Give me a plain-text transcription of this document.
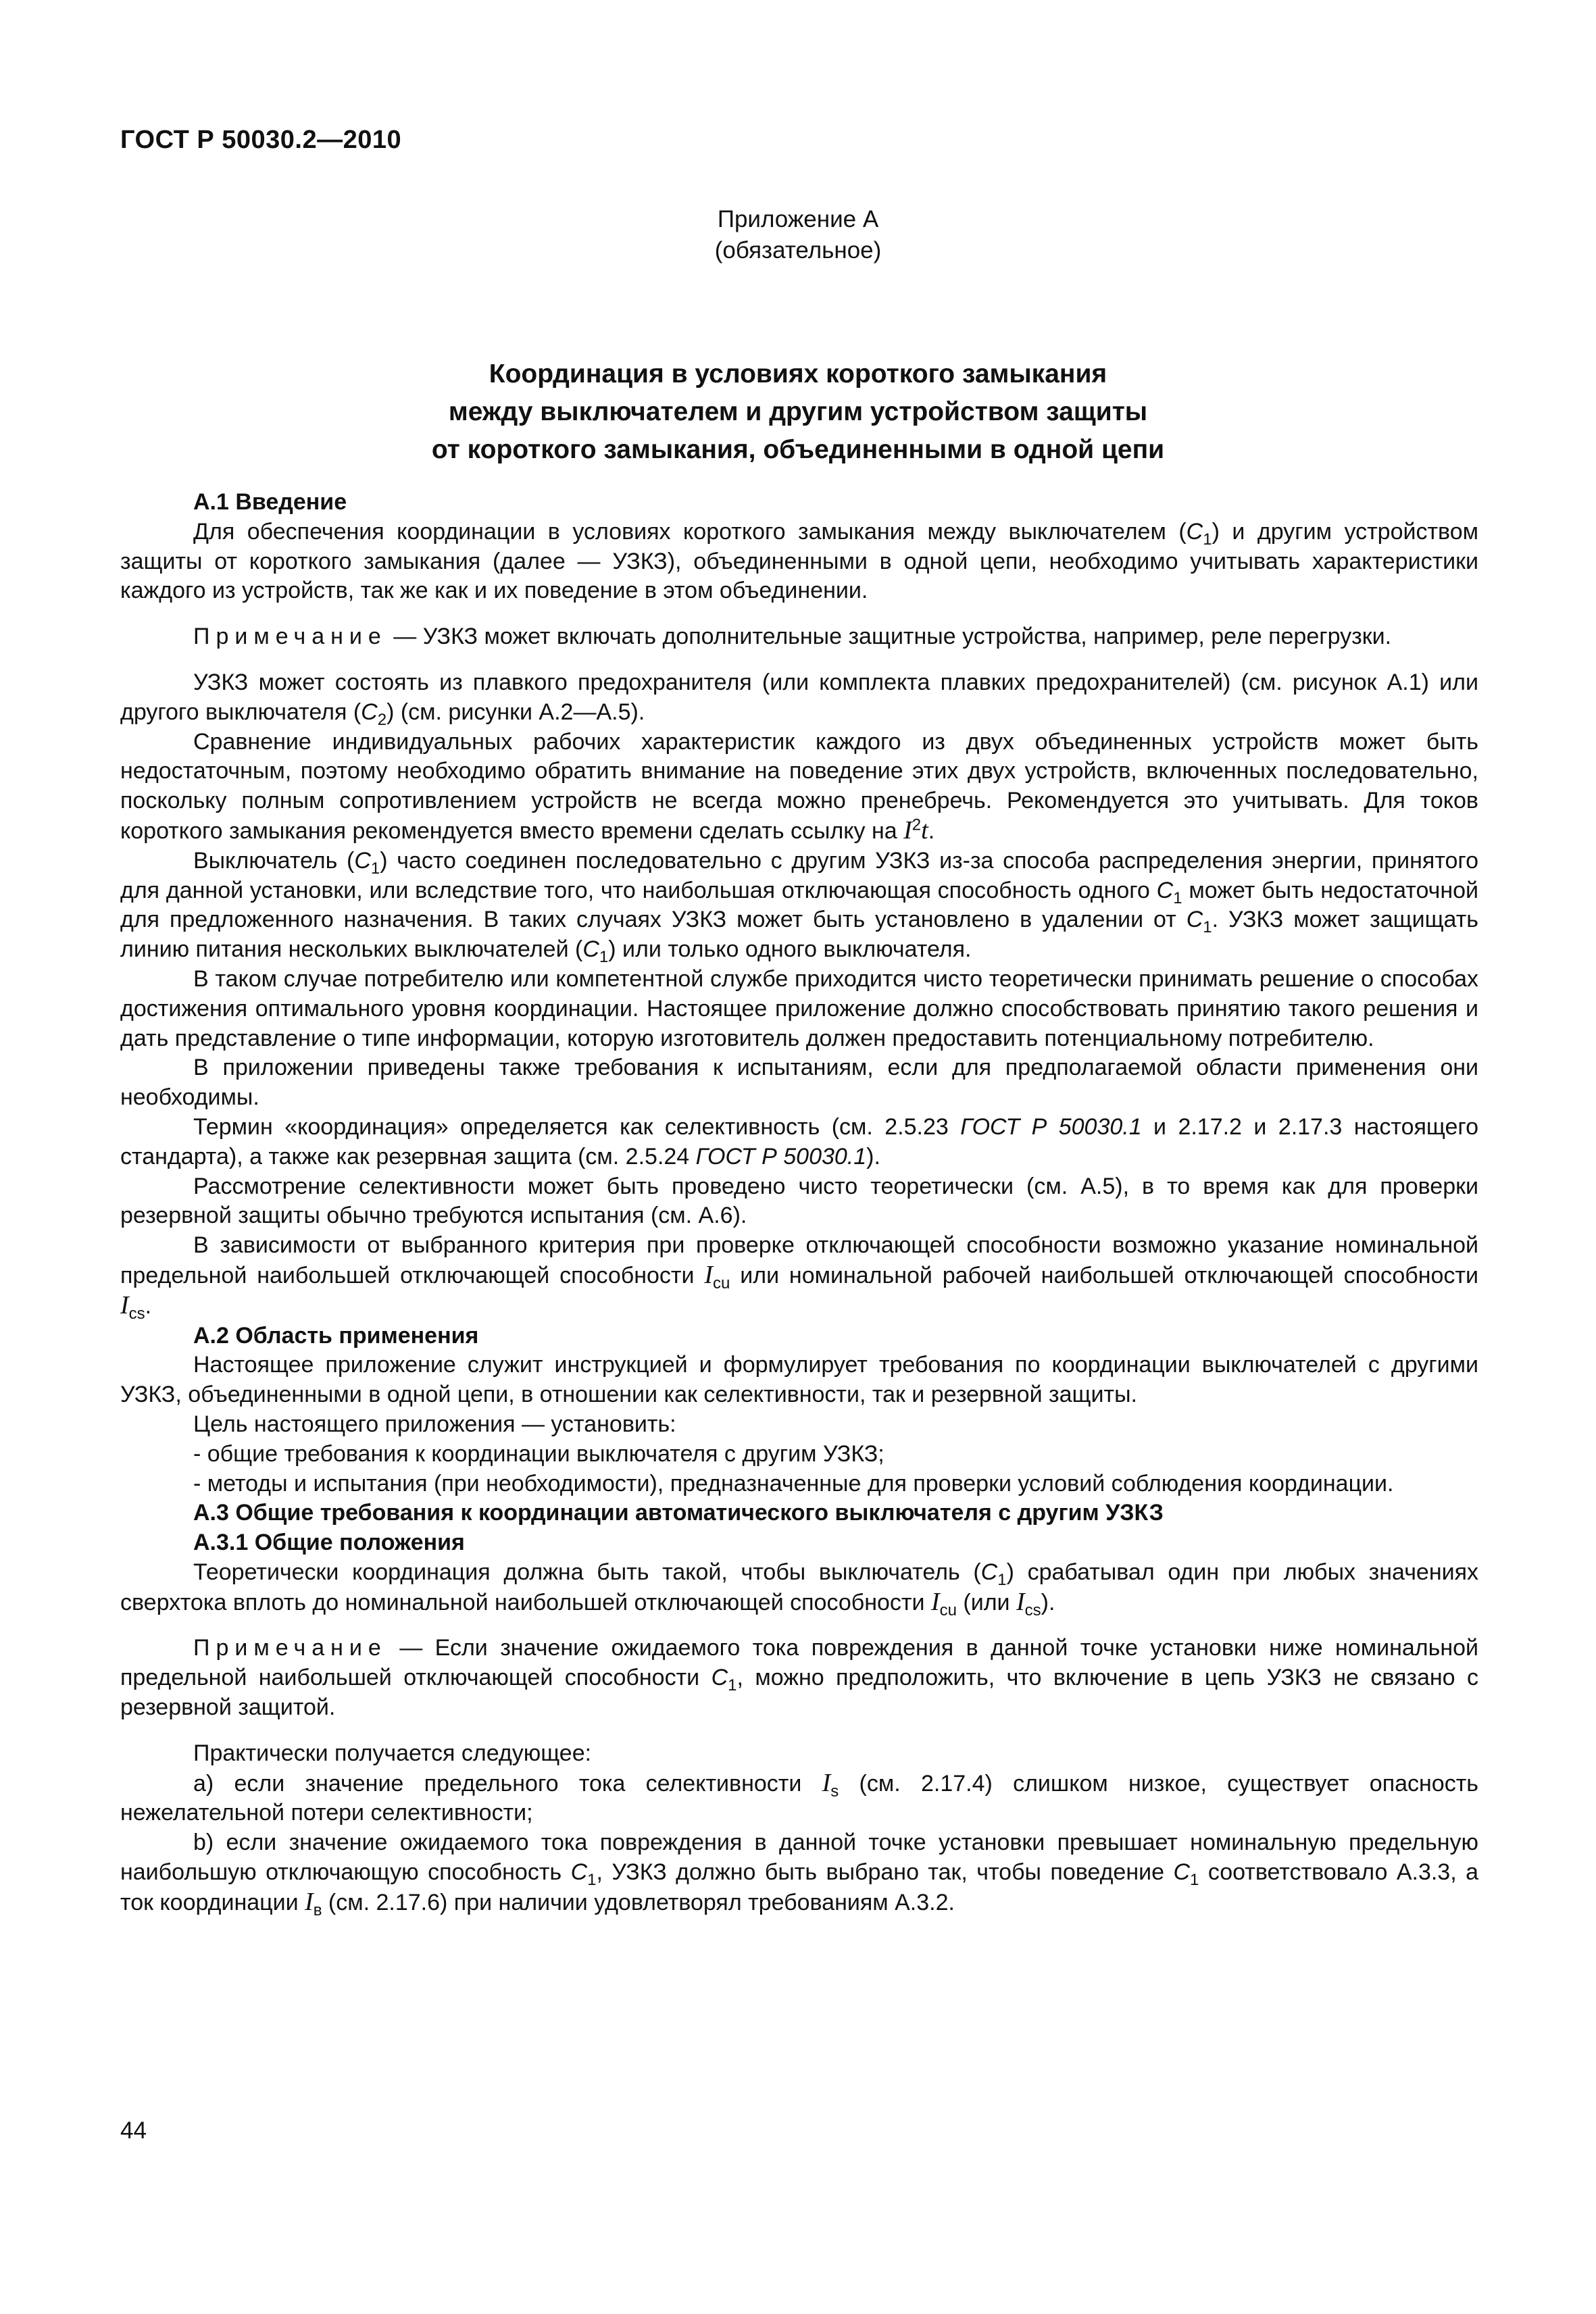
ГОСТ Р 50030.2—2010
Приложение А
(обязательное)
Координация в условиях короткого замыкания
между выключателем и другим устройством защиты
от короткого замыкания, объединенными в одной цепи

А.1 Введение

Для обеспечения координации в условиях короткого замыкания между выключателем $(C_1)$ и другим устройством защиты от короткого замыкания (далее — УЗКЗ), объединенными в одной цепи, необходимо учитывать характеристики каждого из устройств, так же как и их поведение в этом объединении.

Примечание — УЗКЗ может включать дополнительные защитные устройства, например, реле перегрузки.

УЗКЗ может состоять из плавкого предохранителя (или комплекта плавких предохранителей) (см. рисунок А.1) или другого выключателя $(C_2)$ (см. рисунки А.2—А.5).

Сравнение индивидуальных рабочих характеристик каждого из двух объединенных устройств может быть недостаточным, поэтому необходимо обратить внимание на поведение этих двух устройств, включенных последовательно, поскольку полным сопротивлением устройств не всегда можно пренебречь. Рекомендуется это учитывать. Для токов короткого замыкания рекомендуется вместо времени сделать ссылку на $I^2t$.

Выключатель $(C_1)$ часто соединен последовательно с другим УЗКЗ из-за способа распределения энергии, принятого для данной установки, или вследствие того, что наибольшая отключающая способность одного $C_1$ может быть недостаточной для предложенного назначения. В таких случаях УЗКЗ может быть установлено в удалении от $C_1$. УЗКЗ может защищать линию питания нескольких выключателей $(C_1)$ или только одного выключателя.

В таком случае потребителю или компетентной службе приходится чисто теоретически принимать решение о способах достижения оптимального уровня координации. Настоящее приложение должно способствовать принятию такого решения и дать представление о типе информации, которую изготовитель должен предоставить потенциальному потребителю.

В приложении приведены также требования к испытаниям, если для предполагаемой области применения они необходимы.

Термин «координация» определяется как селективность (см. 2.5.23 ГОСТ Р 50030.1 и 2.17.2 и 2.17.3 настоящего стандарта), а также как резервная защита (см. 2.5.24 ГОСТ Р 50030.1).

Рассмотрение селективности может быть проведено чисто теоретически (см. А.5), в то время как для проверки резервной защиты обычно требуются испытания (см. А.6).

В зависимости от выбранного критерия при проверке отключающей способности возможно указание номинальной предельной наибольшей отключающей способности $I_{cu}$ или номинальной рабочей наибольшей отключающей способности $I_{cs}$.

А.2 Область применения

Настоящее приложение служит инструкцией и формулирует требования по координации выключателей с другими УЗКЗ, объединенными в одной цепи, в отношении как селективности, так и резервной защиты.

Цель настоящего приложения — установить:

- общие требования к координации выключателя с другим УЗКЗ;

- методы и испытания (при необходимости), предназначенные для проверки условий соблюдения координации.

А.3 Общие требования к координации автоматического выключателя с другим УЗКЗ

А.3.1 Общие положения

Теоретически координация должна быть такой, чтобы выключатель $(C_1)$ срабатывал один при любых значениях сверхтока вплоть до номинальной наибольшей отключающей способности $I_{cu}$ (или $I_{cs}$).

Примечание — Если значение ожидаемого тока повреждения в данной точке установки ниже номинальной предельной наибольшей отключающей способности $C_1$, можно предположить, что включение в цепь УЗКЗ не связано с резервной защитой.

Практически получается следующее:

a) если значение предельного тока селективности $I_s$ (см. 2.17.4) слишком низкое, существует опасность нежелательной потери селективности;

b) если значение ожидаемого тока повреждения в данной точке установки превышает номинальную предельную наибольшую отключающую способность $C_1$, УЗКЗ должно быть выбрано так, чтобы поведение $C_1$ соответствовало А.3.3, а ток координации $I_в$ (см. 2.17.6) при наличии удовлетворял требованиям А.3.2.

44
